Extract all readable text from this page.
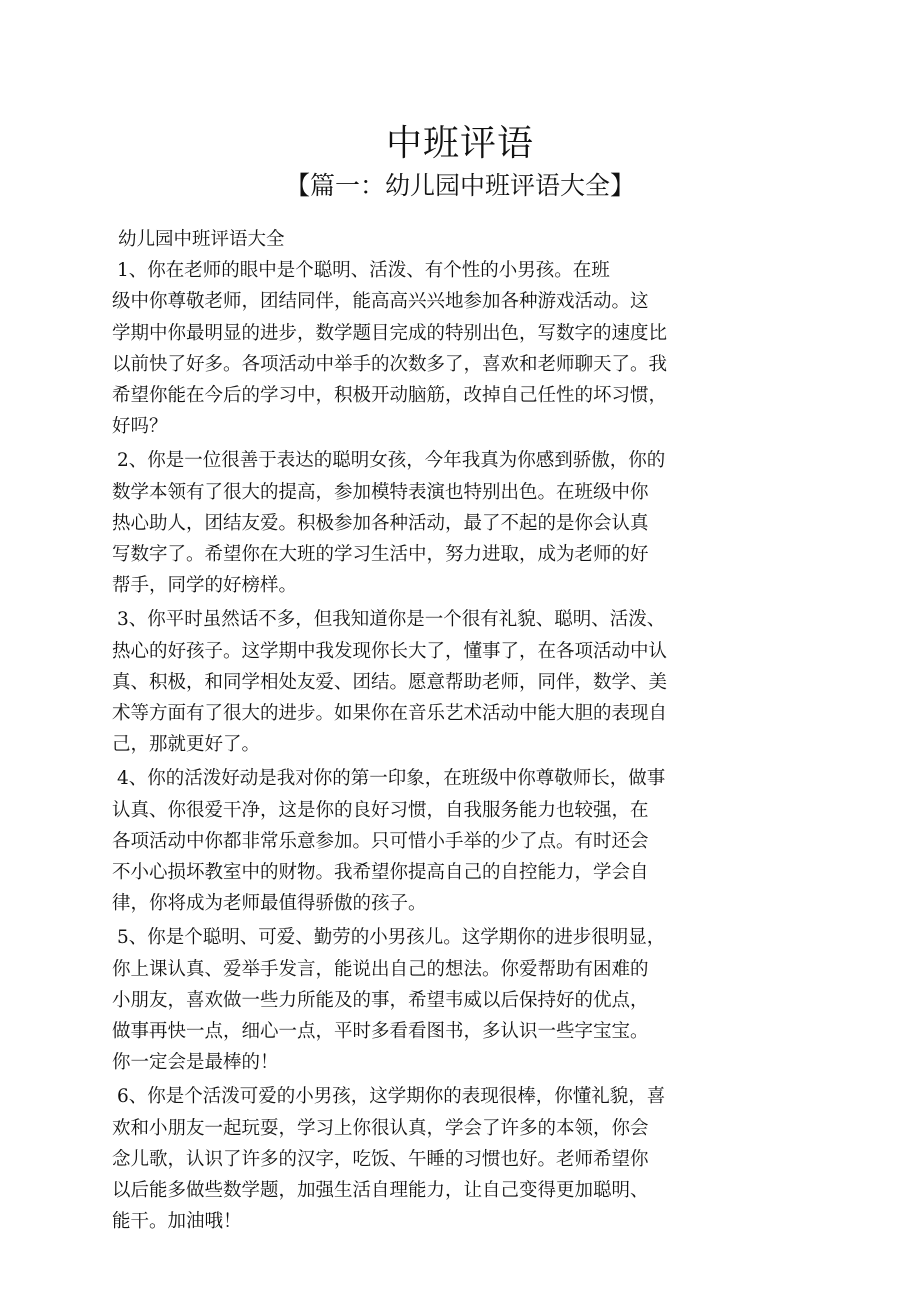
中班评语
【篇一：幼儿园中班评语大全】

幼儿园中班评语大全

1、你在老师的眼中是个聪明、活泼、有个性的小男孩。在班
级中你尊敬老师，团结同伴，能高高兴兴地参加各种游戏活动。这
学期中你最明显的进步，数学题目完成的特别出色，写数字的速度比
以前快了好多。各项活动中举手的次数多了，喜欢和老师聊天了。我
希望你能在今后的学习中，积极开动脑筋，改掉自己任性的坏习惯，
好吗？

2、你是一位很善于表达的聪明女孩，今年我真为你感到骄傲，你的
数学本领有了很大的提高，参加模特表演也特别出色。在班级中你
热心助人，团结友爱。积极参加各种活动，最了不起的是你会认真
写数字了。希望你在大班的学习生活中，努力进取，成为老师的好
帮手，同学的好榜样。

3、你平时虽然话不多，但我知道你是一个很有礼貌、聪明、活泼、
热心的好孩子。这学期中我发现你长大了，懂事了，在各项活动中认
真、积极，和同学相处友爱、团结。愿意帮助老师，同伴，数学、美
术等方面有了很大的进步。如果你在音乐艺术活动中能大胆的表现自
己，那就更好了。

4、你的活泼好动是我对你的第一印象，在班级中你尊敬师长，做事
认真、你很爱干净，这是你的良好习惯，自我服务能力也较强，在
各项活动中你都非常乐意参加。只可惜小手举的少了点。有时还会
不小心损坏教室中的财物。我希望你提高自己的自控能力，学会自
律，你将成为老师最值得骄傲的孩子。

5、你是个聪明、可爱、勤劳的小男孩儿。这学期你的进步很明显，
你上课认真、爱举手发言，能说出自己的想法。你爱帮助有困难的
小朋友，喜欢做一些力所能及的事，希望韦威以后保持好的优点，
做事再快一点，细心一点，平时多看看图书，多认识一些字宝宝。
你一定会是最棒的！

6、你是个活泼可爱的小男孩，这学期你的表现很棒，你懂礼貌，喜
欢和小朋友一起玩耍，学习上你很认真，学会了许多的本领，你会
念儿歌，认识了许多的汉字，吃饭、午睡的习惯也好。老师希望你
以后能多做些数学题，加强生活自理能力，让自己变得更加聪明、
能干。加油哦！
